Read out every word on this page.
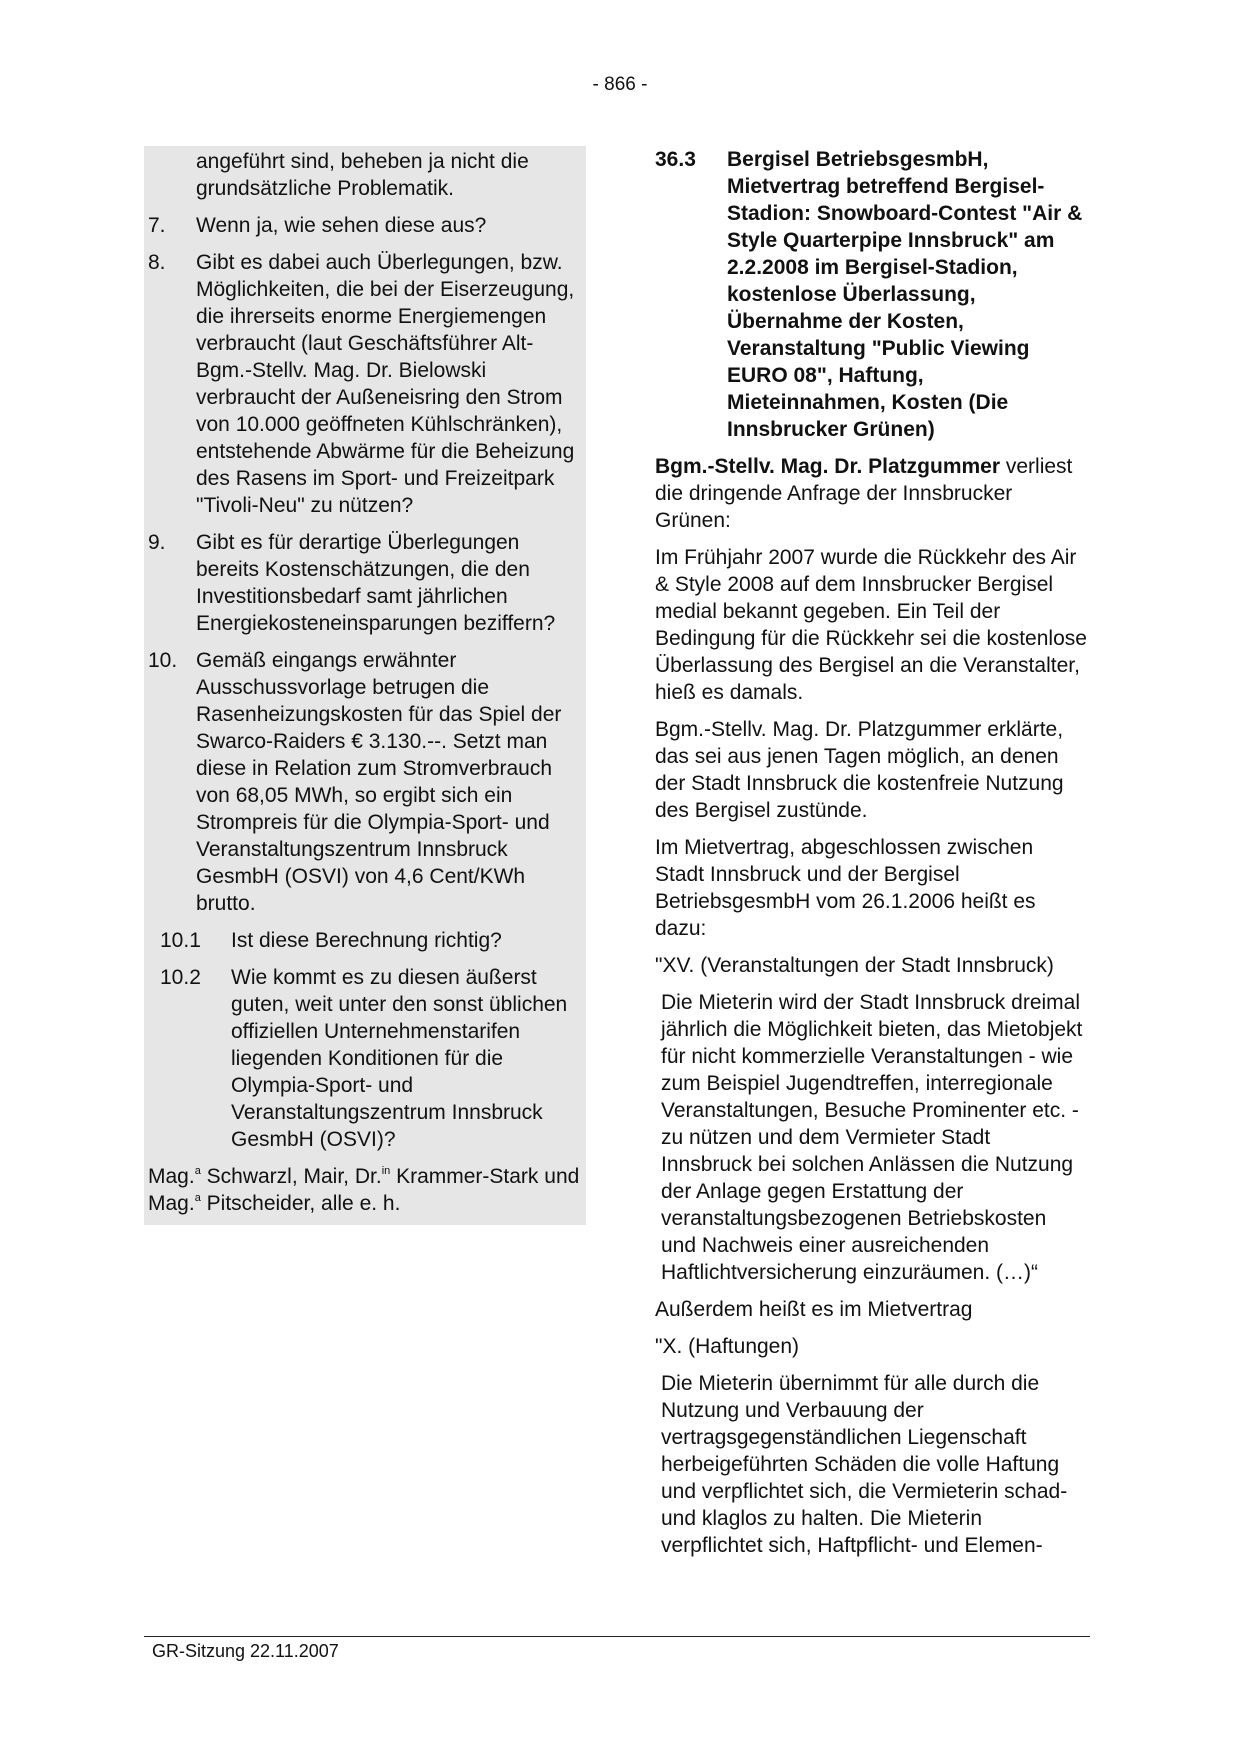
- 866 -

angeführt sind, beheben ja nicht die grundsätzliche Problematik.

7.	Wenn ja, wie sehen diese aus?
8.	Gibt es dabei auch Überlegungen, bzw. Möglichkeiten, die bei der Eiserzeugung, die ihrerseits enorme Energiemengen verbraucht (laut Geschäftsführer Alt-Bgm.-Stellv. Mag. Dr. Bielowski verbraucht der Außeneisring den Strom von 10.000 geöffneten Kühlschränken), entstehende Abwärme für die Beheizung des Rasens im Sport- und Freizeitpark "Tivoli-Neu" zu nützen?
9.	Gibt es für derartige Überlegungen bereits Kostenschätzungen, die den Investitionsbedarf samt jährlichen Energiekosteneinsparungen beziffern?
10. Gemäß eingangs erwähnter Ausschussvorlage betrugen die Rasenheizungskosten für das Spiel der Swarco-Raiders € 3.130.--. Setzt man diese in Relation zum Stromverbrauch von 68,05 MWh, so ergibt sich ein Strompreis für die Olympia-Sport- und Veranstaltungszentrum Innsbruck GesmbH (OSVI) von 4,6 Cent/KWh brutto.
10.1	Ist diese Berechnung richtig?
10.2	Wie kommt es zu diesen äußerst guten, weit unter den sonst üblichen offiziellen Unternehmenstarifen liegenden Konditionen für die Olympia-Sport- und Veranstaltungszentrum Innsbruck GesmbH (OSVI)?

Mag.$^a$ Schwarzl, Mair, Dr.$^{in}$ Krammer-Stark und Mag.$^a$ Pitscheider, alle e. h.

36.3	Bergisel BetriebsgesmbH, Mietvertrag betreffend Bergisel-Stadion: Snowboard-Contest "Air & Style Quarterpipe Innsbruck" am 2.2.2008 im Bergisel-Stadion, kostenlose Überlassung, Übernahme der Kosten, Veranstaltung "Public Viewing EURO 08", Haftung, Mieteinnahmen, Kosten (Die Innsbrucker Grünen)

Bgm.-Stellv. Mag. Dr. Platzgummer verliest die dringende Anfrage der Innsbrucker Grünen:

Im Frühjahr 2007 wurde die Rückkehr des Air & Style 2008 auf dem Innsbrucker Bergisel medial bekannt gegeben. Ein Teil der Bedingung für die Rückkehr sei die kostenlose Überlassung des Bergisel an die Veranstalter, hieß es damals.

Bgm.-Stellv. Mag. Dr. Platzgummer erklärte, das sei aus jenen Tagen möglich, an denen der Stadt Innsbruck die kostenfreie Nutzung des Bergisel zustünde.

Im Mietvertrag, abgeschlossen zwischen Stadt Innsbruck und der Bergisel BetriebsgesmbH vom 26.1.2006 heißt es dazu:

"XV. (Veranstaltungen der Stadt Innsbruck)

Die Mieterin wird der Stadt Innsbruck dreimal jährlich die Möglichkeit bieten, das Mietobjekt für nicht kommerzielle Veranstaltungen - wie zum Beispiel Jugendtreffen, interregionale Veranstaltungen, Besuche Prominenter etc. - zu nützen und dem Vermieter Stadt Innsbruck bei solchen Anlässen die Nutzung der Anlage gegen Erstattung der veranstaltungsbezogenen Betriebskosten und Nachweis einer ausreichenden Haftlichtversicherung einzuräumen. (…)“

Außerdem heißt es im Mietvertrag

"X. (Haftungen)

Die Mieterin übernimmt für alle durch die Nutzung und Verbauung der vertragsgegenständlichen Liegenschaft herbeigeführten Schäden die volle Haftung und verpflichtet sich, die Vermieterin schad- und klaglos zu halten. Die Mieterin verpflichtet sich, Haftpflicht- und Elemen-

GR-Sitzung 22.11.2007
